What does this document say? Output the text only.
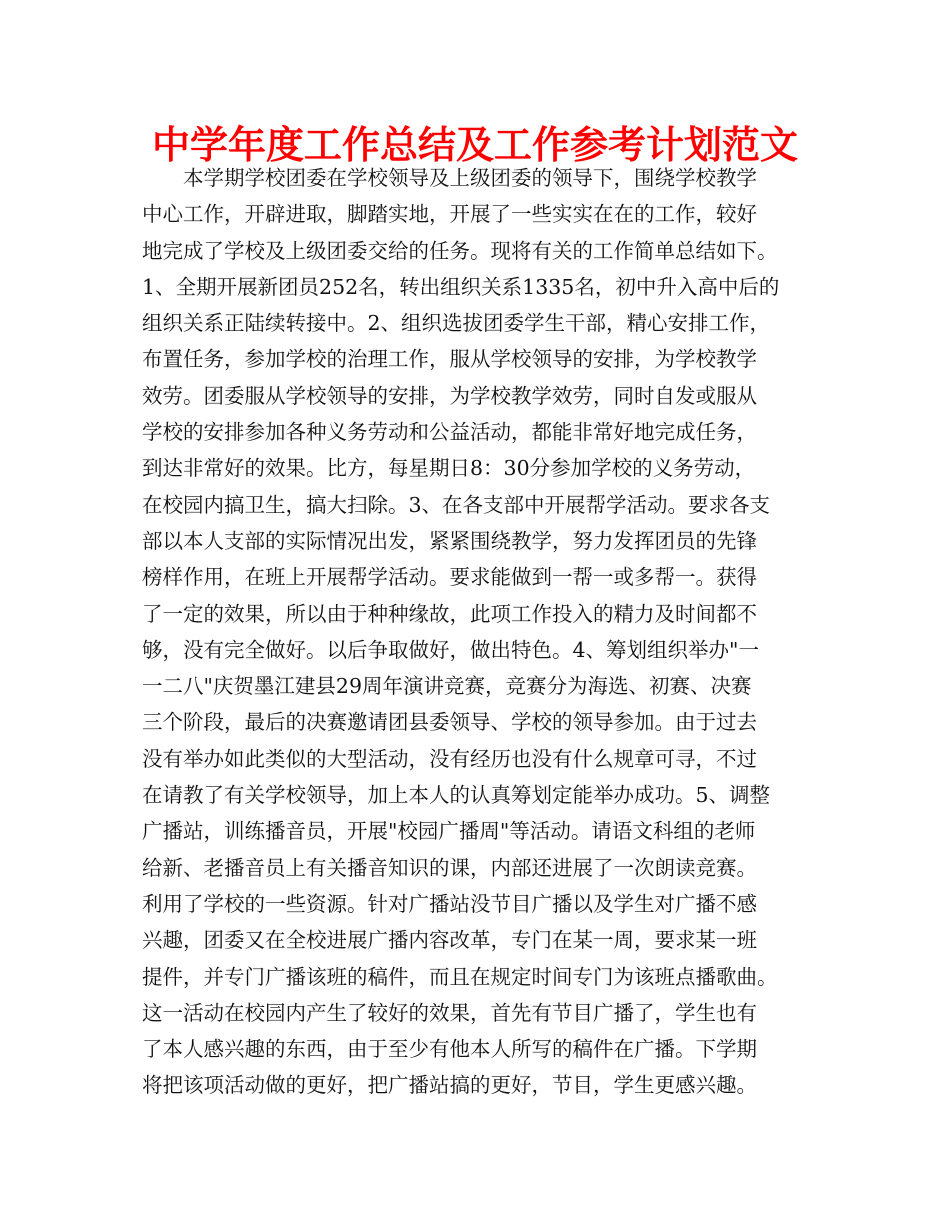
中学年度工作总结及工作参考计划范文
　　本学期学校团委在学校领导及上级团委的领导下，围绕学校教学
中心工作，开辟进取，脚踏实地，开展了一些实实在在的工作，较好
地完成了学校及上级团委交给的任务。现将有关的工作简单总结如下。
1、全期开展新团员252名，转出组织关系1335名，初中升入高中后的
组织关系正陆续转接中。2、组织选拔团委学生干部，精心安排工作，
布置任务，参加学校的治理工作，服从学校领导的安排，为学校教学
效劳。团委服从学校领导的安排，为学校教学效劳，同时自发或服从
学校的安排参加各种义务劳动和公益活动，都能非常好地完成任务，
到达非常好的效果。比方，每星期日8：30分参加学校的义务劳动，
在校园内搞卫生，搞大扫除。3、在各支部中开展帮学活动。要求各支
部以本人支部的实际情况出发，紧紧围绕教学，努力发挥团员的先锋
榜样作用，在班上开展帮学活动。要求能做到一帮一或多帮一。获得
了一定的效果，所以由于种种缘故，此项工作投入的精力及时间都不
够，没有完全做好。以后争取做好，做出特色。4、筹划组织举办"一
一二八"庆贺墨江建县29周年演讲竞赛，竞赛分为海选、初赛、决赛
三个阶段，最后的决赛邀请团县委领导、学校的领导参加。由于过去
没有举办如此类似的大型活动，没有经历也没有什么规章可寻，不过
在请教了有关学校领导，加上本人的认真筹划定能举办成功。5、调整
广播站，训练播音员，开展"校园广播周"等活动。请语文科组的老师
给新、老播音员上有关播音知识的课，内部还进展了一次朗读竞赛。
利用了学校的一些资源。针对广播站没节目广播以及学生对广播不感
兴趣，团委又在全校进展广播内容改革，专门在某一周，要求某一班
提件，并专门广播该班的稿件，而且在规定时间专门为该班点播歌曲。
这一活动在校园内产生了较好的效果，首先有节目广播了，学生也有
了本人感兴趣的东西，由于至少有他本人所写的稿件在广播。下学期
将把该项活动做的更好，把广播站搞的更好，节目，学生更感兴趣。
